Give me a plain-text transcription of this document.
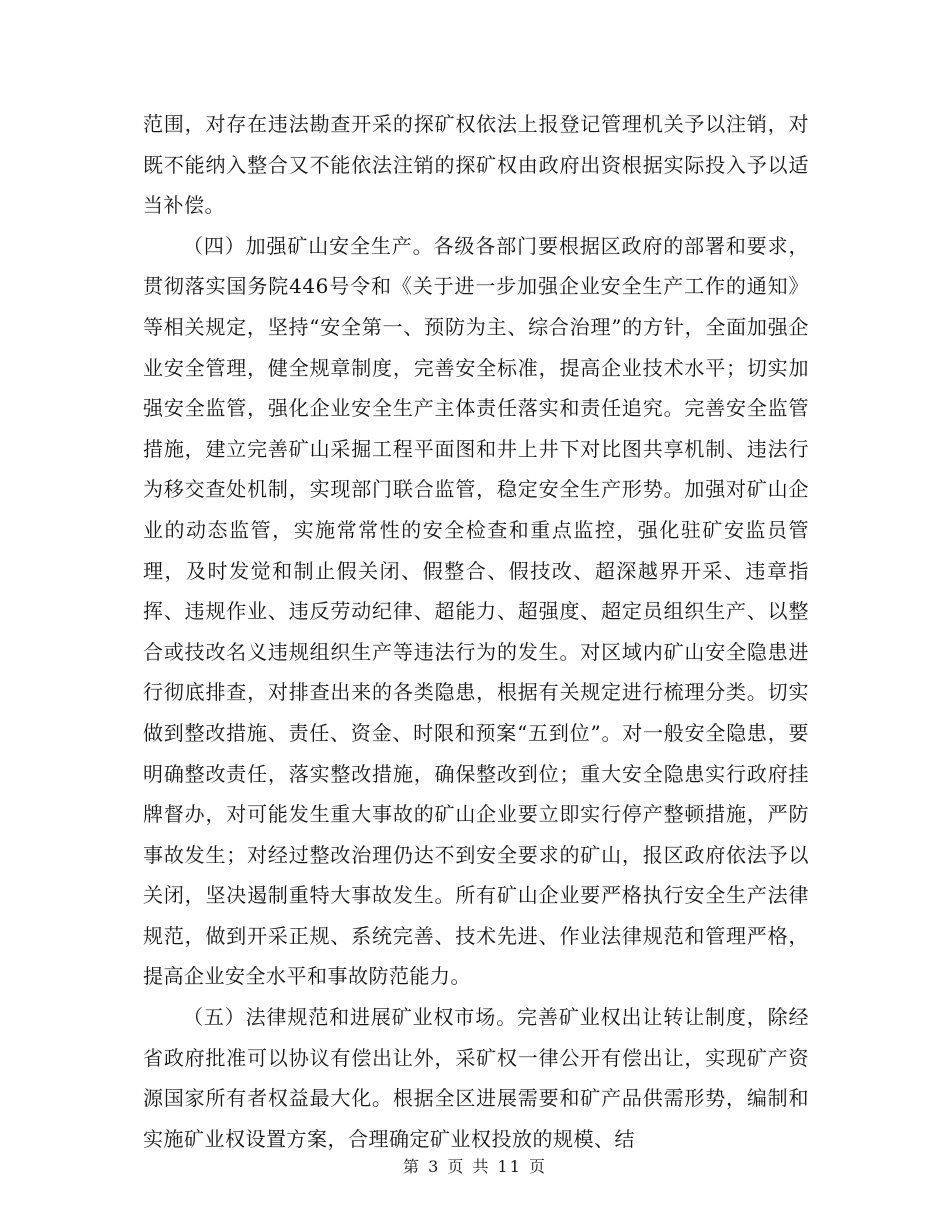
范围，对存在违法勘查开采的探矿权依法上报登记管理机关予以注销，对既不能纳入整合又不能依法注销的探矿权由政府出资根据实际投入予以适当补偿。

（四）加强矿山安全生产。各级各部门要根据区政府的部署和要求，贯彻落实国务院446号令和《关于进一步加强企业安全生产工作的通知》等相关规定，坚持“安全第一、预防为主、综合治理”的方针，全面加强企业安全管理，健全规章制度，完善安全标准，提高企业技术水平；切实加强安全监管，强化企业安全生产主体责任落实和责任追究。完善安全监管措施，建立完善矿山采掘工程平面图和井上井下对比图共享机制、违法行为移交查处机制，实现部门联合监管，稳定安全生产形势。加强对矿山企业的动态监管，实施常常性的安全检查和重点监控，强化驻矿安监员管理，及时发觉和制止假关闭、假整合、假技改、超深越界开采、违章指挥、违规作业、违反劳动纪律、超能力、超强度、超定员组织生产、以整合或技改名义违规组织生产等违法行为的发生。对区域内矿山安全隐患进行彻底排查，对排查出来的各类隐患，根据有关规定进行梳理分类。切实做到整改措施、责任、资金、时限和预案“五到位”。对一般安全隐患，要明确整改责任，落实整改措施，确保整改到位；重大安全隐患实行政府挂牌督办，对可能发生重大事故的矿山企业要立即实行停产整顿措施，严防事故发生；对经过整改治理仍达不到安全要求的矿山，报区政府依法予以关闭，坚决遏制重特大事故发生。所有矿山企业要严格执行安全生产法律规范，做到开采正规、系统完善、技术先进、作业法律规范和管理严格，提高企业安全水平和事故防范能力。

（五）法律规范和进展矿业权市场。完善矿业权出让转让制度，除经省政府批准可以协议有偿出让外，采矿权一律公开有偿出让，实现矿产资源国家所有者权益最大化。根据全区进展需要和矿产品供需形势，编制和实施矿业权设置方案，合理确定矿业权投放的规模、结

第 3 页 共 11 页
